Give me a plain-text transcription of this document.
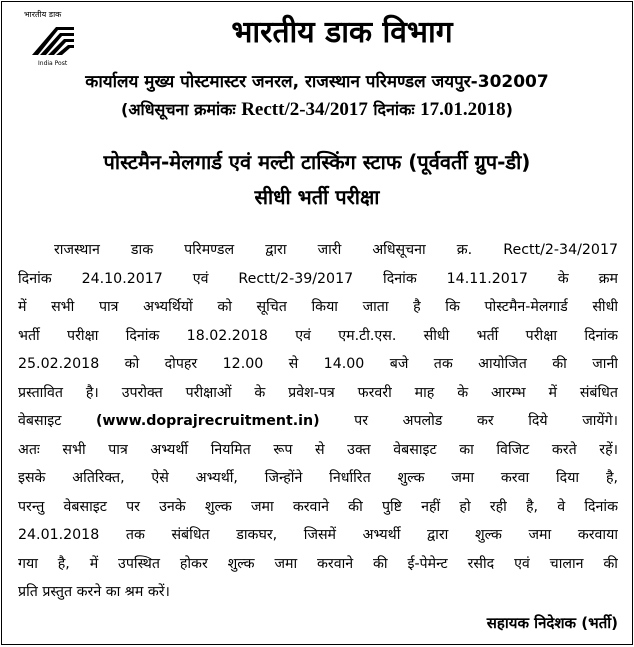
भारतीय डाक
India Post
भारतीय डाक विभाग
कार्यालय मुख्य पोस्टमास्टर जनरल, राजस्थान परिमण्डल जयपुर-302007
(अधिसूचना क्रमांकः Rectt/2-34/2017 दिनांकः 17.01.2018)
पोस्टमैन-मेलगार्ड एवं मल्टी टास्किंग स्टाफ (पूर्ववर्ती ग्रुप-डी)
सीधी भर्ती परीक्षा
राजस्थान डाक परिमण्डल द्वारा जारी अधिसूचना क्र. Rectt/2-34/2017
दिनांक 24.10.2017 एवं Rectt/2-39/2017 दिनांक 14.11.2017 के क्रम
में सभी पात्र अभ्यर्थियों को सूचित किया जाता है कि पोस्टमैन-मेलगार्ड सीधी
भर्ती परीक्षा दिनांक 18.02.2018 एवं एम.टी.एस. सीधी भर्ती परीक्षा दिनांक
25.02.2018 को दोपहर 12.00 से 14.00 बजे तक आयोजित की जानी
प्रस्तावित है। उपरोक्त परीक्षाओं के प्रवेश-पत्र फरवरी माह के आरम्भ में संबंधित
वेबसाइट (www.doprajrecruitment.in) पर अपलोड कर दिये जायेंगे।
अतः सभी पात्र अभ्यर्थी नियमित रूप से उक्त वेबसाइट का विजिट करते रहें।
इसके अतिरिक्त, ऐसे अभ्यर्थी, जिन्होंने निर्धारित शुल्क जमा करवा दिया है,
परन्तु वेबसाइट पर उनके शुल्क जमा करवाने की पुष्टि नहीं हो रही है, वे दिनांक
24.01.2018 तक संबंधित डाकघर, जिसमें अभ्यर्थी द्वारा शुल्क जमा करवाया
गया है, में उपस्थित होकर शुल्क जमा करवाने की ई-पेमेन्ट रसीद एवं चालान की
प्रति प्रस्तुत करने का श्रम करें।
सहायक निदेशक (भर्ती)
